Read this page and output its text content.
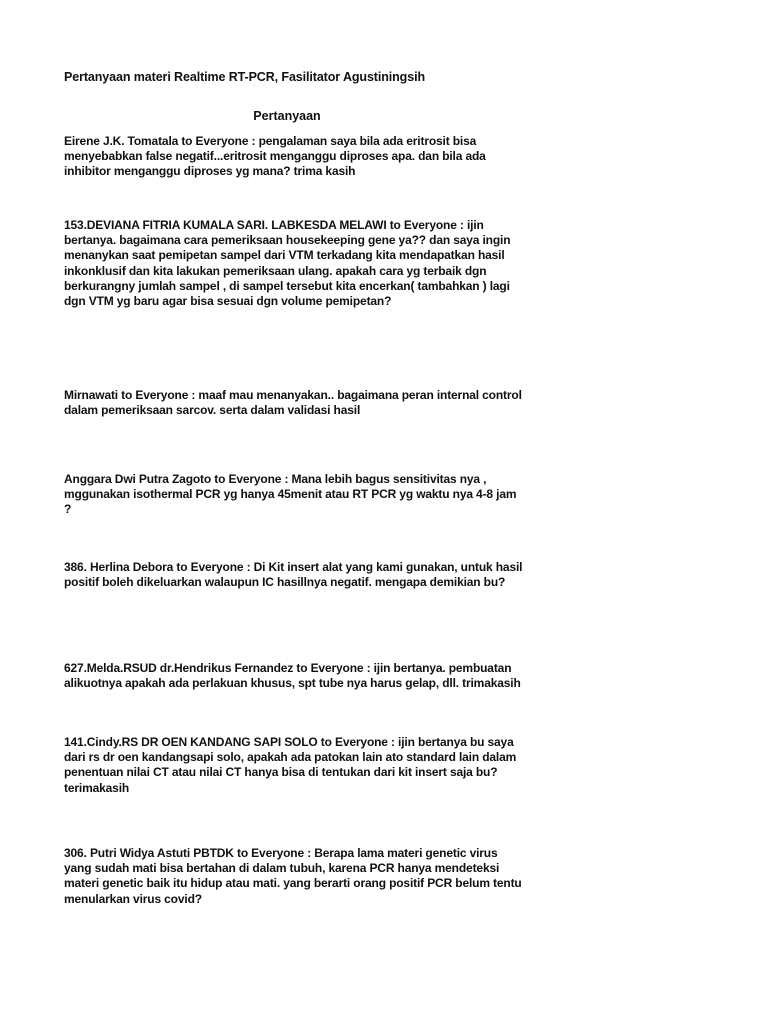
Pertanyaan materi Realtime RT-PCR, Fasilitator Agustiningsih
Pertanyaan

Eirene J.K. Tomatala to Everyone : pengalaman saya bila ada eritrosit bisa menyebabkan false negatif...eritrosit menganggu diproses apa. dan bila ada inhibitor menganggu diproses yg mana? trima kasih

153.DEVIANA FITRIA KUMALA SARI. LABKESDA MELAWI to Everyone : ijin bertanya. bagaimana cara pemeriksaan housekeeping gene ya?? dan saya ingin menanykan saat pemipetan sampel dari VTM terkadang kita mendapatkan hasil inkonklusif dan kita lakukan pemeriksaan ulang. apakah cara yg terbaik dgn berkurangny jumlah sampel , di sampel tersebut kita encerkan( tambahkan ) lagi dgn VTM yg baru agar bisa sesuai dgn volume pemipetan?

Mirnawati to Everyone : maaf mau menanyakan.. bagaimana peran internal control dalam pemeriksaan sarcov. serta dalam validasi hasil

Anggara Dwi Putra Zagoto to Everyone : Mana lebih bagus sensitivitas nya , mggunakan isothermal PCR yg hanya 45menit atau RT PCR yg waktu nya 4-8 jam ?

386. Herlina Debora to Everyone : Di Kit insert alat yang kami gunakan, untuk hasil positif boleh dikeluarkan walaupun IC hasillnya negatif. mengapa demikian bu?

627.Melda.RSUD dr.Hendrikus Fernandez to Everyone : ijin bertanya. pembuatan alikuotnya apakah ada perlakuan khusus, spt tube nya harus gelap, dll. trimakasih

141.Cindy.RS DR OEN KANDANG SAPI SOLO to Everyone : ijin bertanya bu saya dari rs dr oen kandangsapi solo, apakah ada patokan lain ato standard lain dalam penentuan nilai CT atau nilai CT hanya bisa di tentukan dari kit insert saja bu? terimakasih

306. Putri Widya Astuti PBTDK to Everyone : Berapa lama materi genetic virus yang sudah mati bisa bertahan di dalam tubuh, karena PCR hanya mendeteksi materi genetic baik itu hidup atau mati. yang berarti orang positif PCR belum tentu menularkan virus covid?
